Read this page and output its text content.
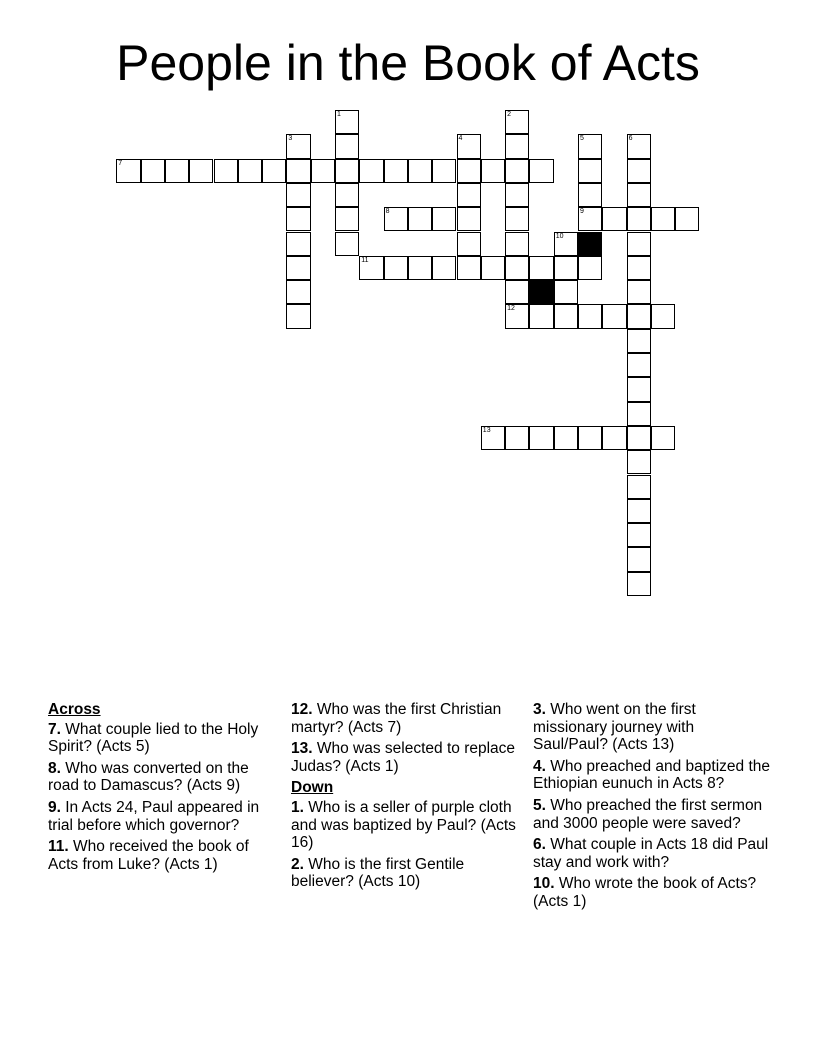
People in the Book of Acts
1	2
12
3	4	5
9
6
7
8
10
11
13
Across
7. What couple lied to the Holy Spirit? (Acts 5)
8. Who was converted on the road to Damascus? (Acts 9)
9. In Acts 24, Paul appeared in trial before which governor?
11. Who received the book of Acts from Luke? (Acts 1)
12. Who was the first Christian martyr? (Acts 7)
13. Who was selected to replace Judas? (Acts 1)
Down
1. Who is a seller of purple cloth and was baptized by Paul? (Acts 16)
2. Who is the first Gentile believer? (Acts 10)
3. Who went on the first missionary journey with Saul/Paul? (Acts 13)
4. Who preached and baptized the Ethiopian eunuch in Acts 8?
5. Who preached the first sermon and 3000 people were saved?
6. What couple in Acts 18 did Paul stay and work with?
10. Who wrote the book of Acts? (Acts 1)
